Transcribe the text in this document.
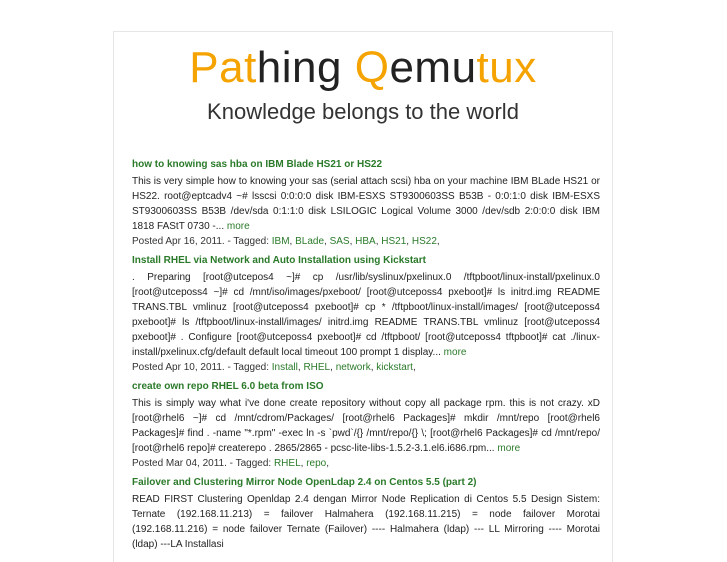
Pathing Qemutux
Knowledge belongs to the world
how to knowing sas hba on IBM Blade HS21 or HS22
This is very simple how to knowing your sas (serial attach scsi) hba on your machine IBM BLade HS21 or HS22. root@eptcadv4 ~# lsscsi 0:0:0:0 disk IBM-ESXS ST9300603SS B53B - 0:0:1:0 disk IBM-ESXS ST9300603SS B53B /dev/sda 0:1:1:0 disk LSILOGIC Logical Volume 3000 /dev/sdb 2:0:0:0 disk IBM 1818 FAStT 0730 -... more
Posted Apr 16, 2011. - Tagged: IBM, BLade, SAS, HBA, HS21, HS22,
Install RHEL via Network and Auto Installation using Kickstart
. Preparing [root@utcepos4 ~]# cp /usr/lib/syslinux/pxelinux.0 /tftpboot/linux-install/pxelinux.0 [root@utceposs4 ~]# cd /mnt/iso/images/pxeboot/ [root@utceposs4 pxeboot]# ls initrd.img README TRANS.TBL vmlinuz [root@utceposs4 pxeboot]# cp * /tftpboot/linux-install/images/ [root@utceposs4 pxeboot]# ls /tftpboot/linux-install/images/ initrd.img README TRANS.TBL vmlinuz [root@utceposs4 pxeboot]# . Configure [root@utceposs4 pxeboot]# cd /tftpboot/ [root@utceposs4 tftpboot]# cat ./linux-install/pxelinux.cfg/default default local timeout 100 prompt 1 display... more
Posted Apr 10, 2011. - Tagged: Install, RHEL, network, kickstart,
create own repo RHEL 6.0 beta from ISO
This is simply way what i've done create repository without copy all package rpm. this is not crazy. xD [root@rhel6 ~]# cd /mnt/cdrom/Packages/ [root@rhel6 Packages]# mkdir /mnt/repo [root@rhel6 Packages]# find . -name "*.rpm" -exec ln -s `pwd`/{} /mnt/repo/{} \; [root@rhel6 Packages]# cd /mnt/repo/ [root@rhel6 repo]# createrepo . 2865/2865 - pcsc-lite-libs-1.5.2-3.1.el6.i686.rpm... more
Posted Mar 04, 2011. - Tagged: RHEL, repo,
Failover and Clustering Mirror Node OpenLdap 2.4 on Centos 5.5 (part 2)
READ FIRST Clustering Openldap 2.4 dengan Mirror Node Replication di Centos 5.5 Design Sistem: Ternate (192.168.11.213) = failover Halmahera (192.168.11.215) = node failover Morotai (192.168.11.216) = node failover Ternate (Failover) ---- Halmahera (ldap) --- LL Mirroring ---- Morotai (ldap) ---LA Installasi
